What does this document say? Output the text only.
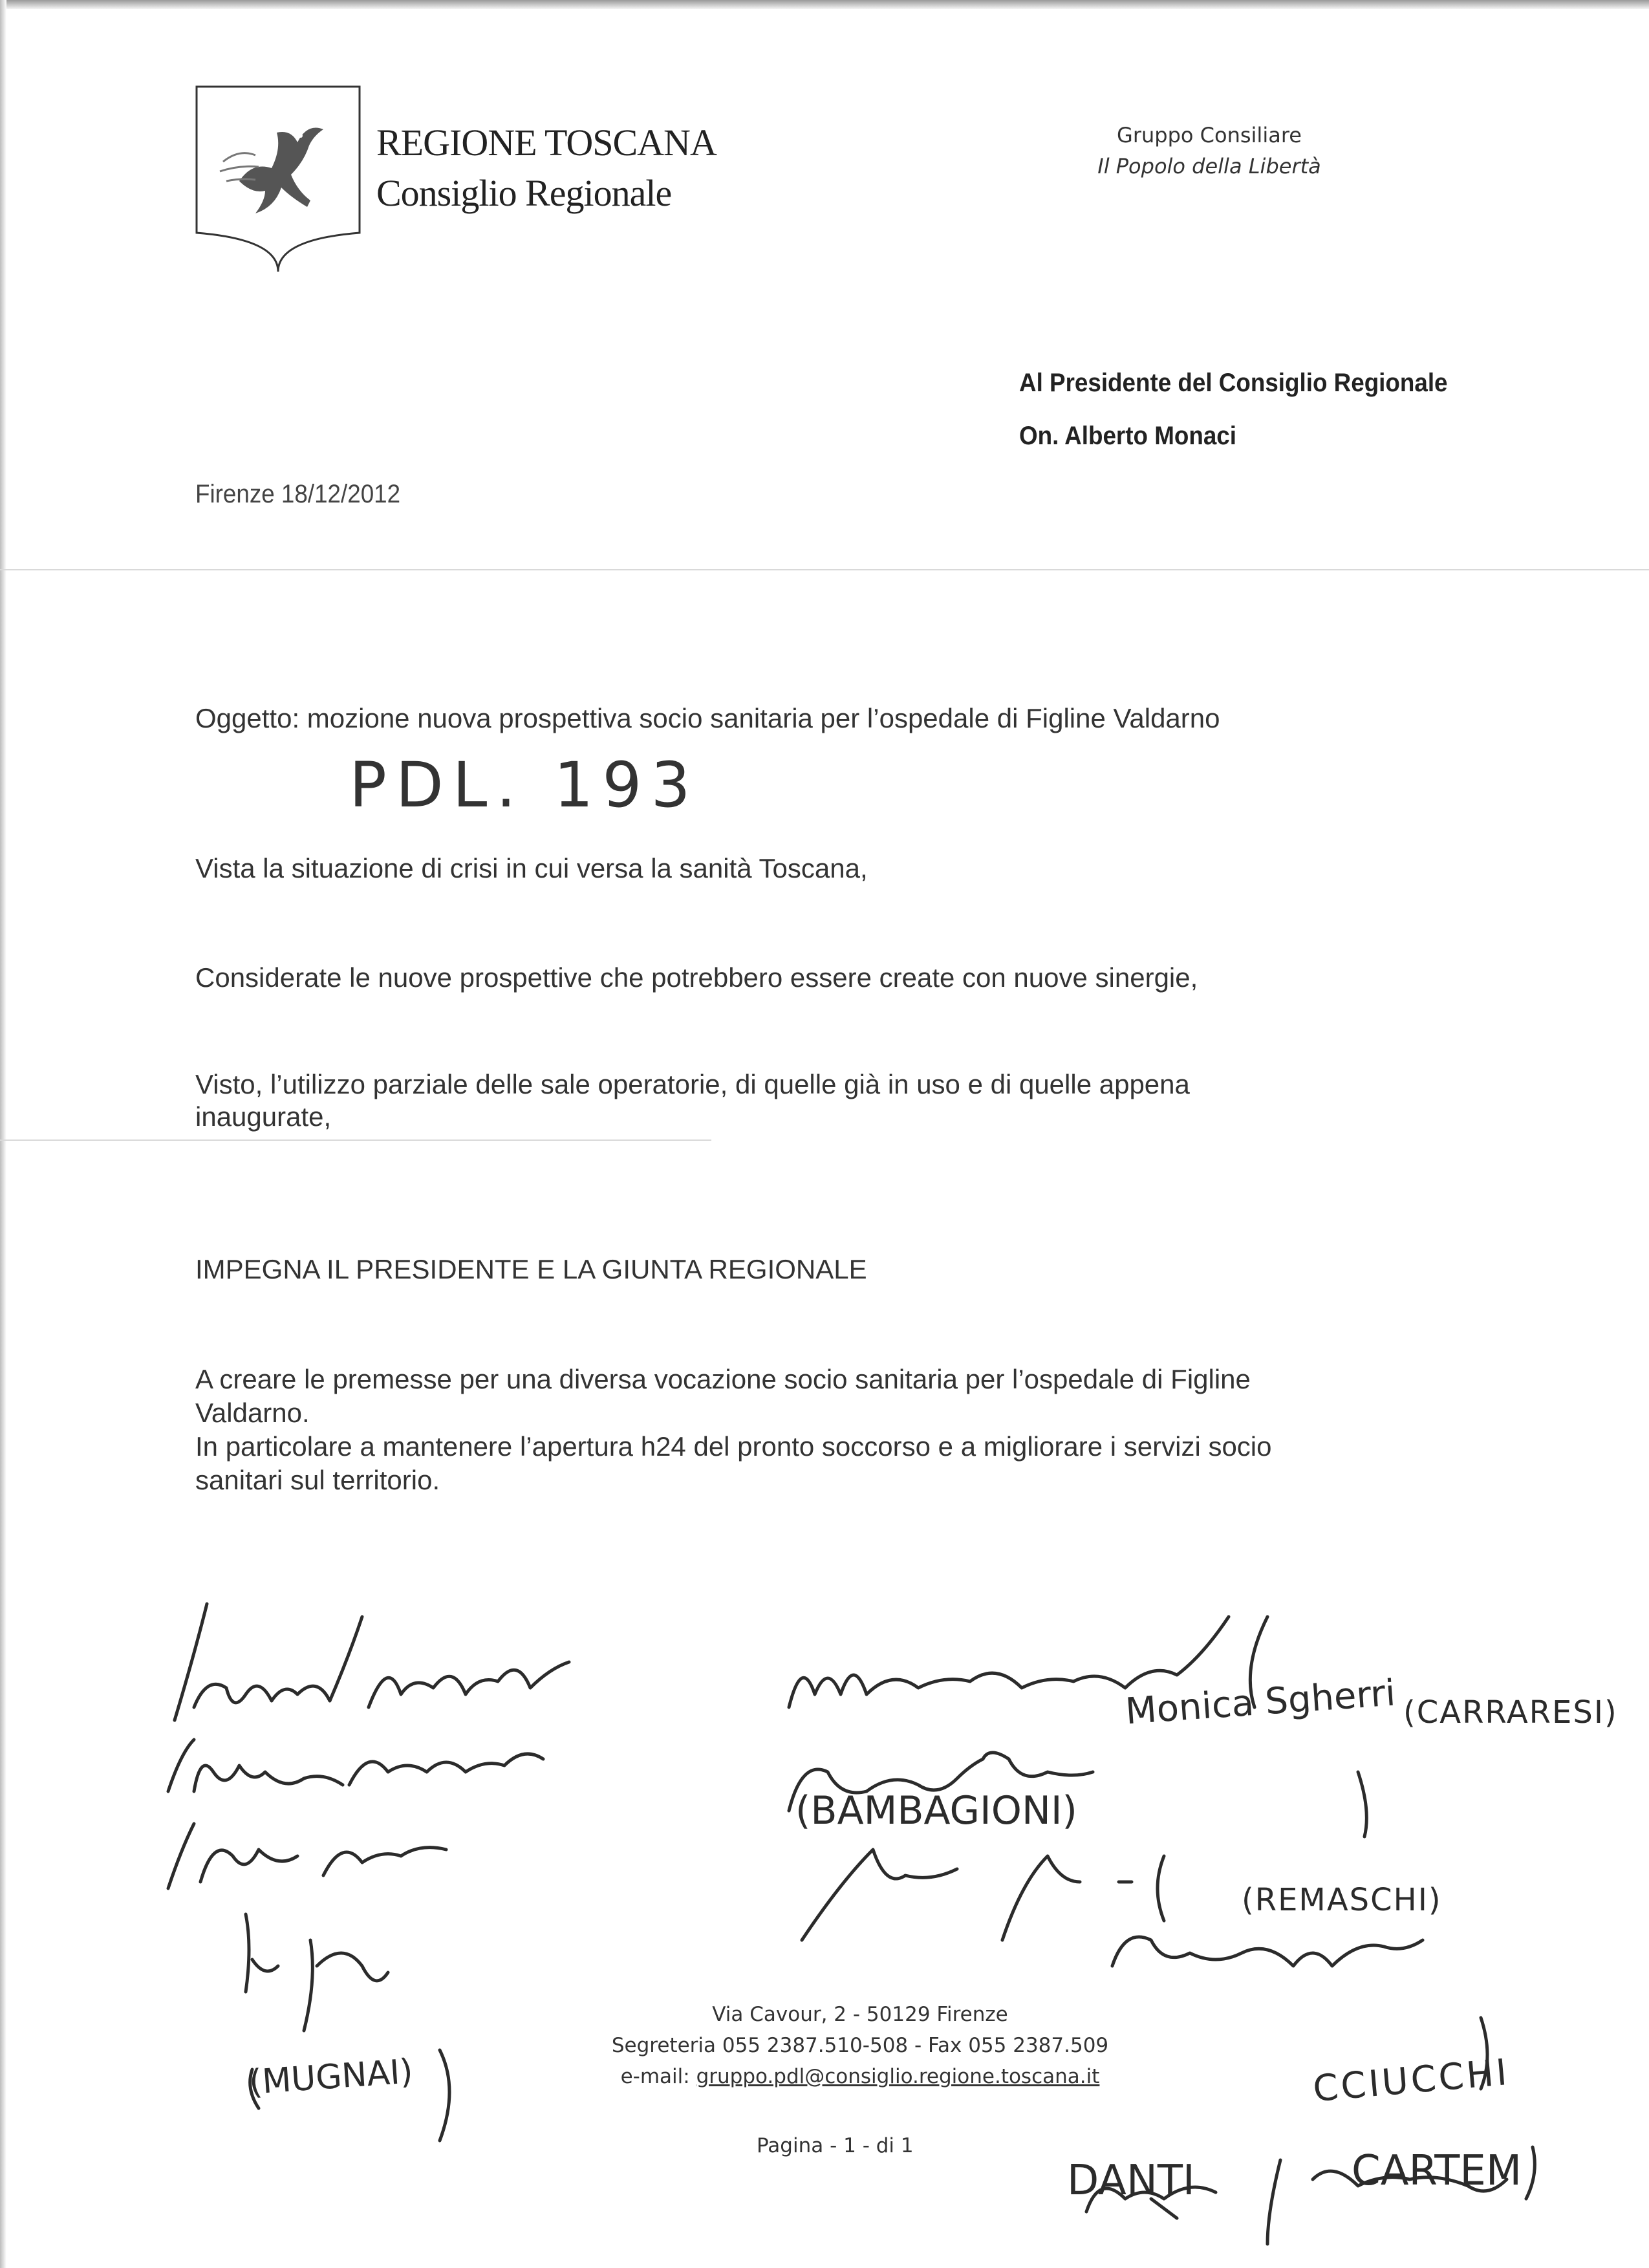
REGIONE TOSCANA
Consiglio Regionale
Gruppo Consiliare
Il Popolo della Libertà
Al Presidente del Consiglio Regionale
On. Alberto Monaci
Firenze 18/12/2012
Oggetto: mozione nuova prospettiva socio sanitaria per l’ospedale di Figline Valdarno
PDL. 193
Vista la situazione di crisi in cui versa la sanità Toscana,
Considerate le nuove prospettive che potrebbero essere create con nuove sinergie,
Visto, l’utilizzo parziale delle sale operatorie, di quelle già in uso e di quelle appena
inaugurate,
IMPEGNA IL PRESIDENTE E LA GIUNTA REGIONALE
A creare le premesse per una diversa vocazione socio sanitaria per l’ospedale di Figline
Valdarno.
In particolare a mantenere l’apertura h24 del pronto soccorso e a migliorare i servizi socio
sanitari sul territorio.
Via Cavour, 2 - 50129 Firenze
Segreteria 055 2387.510-508 - Fax 055 2387.509
e-mail: gruppo.pdl@consiglio.regione.toscana.it
Pagina - 1 - di 1
Monica Sgherri (CARRARESI)
(BAMBAGIONI)
(REMASCHI)
CCIUCCHI
(MUGNAI)
DANTI	CARTEM
